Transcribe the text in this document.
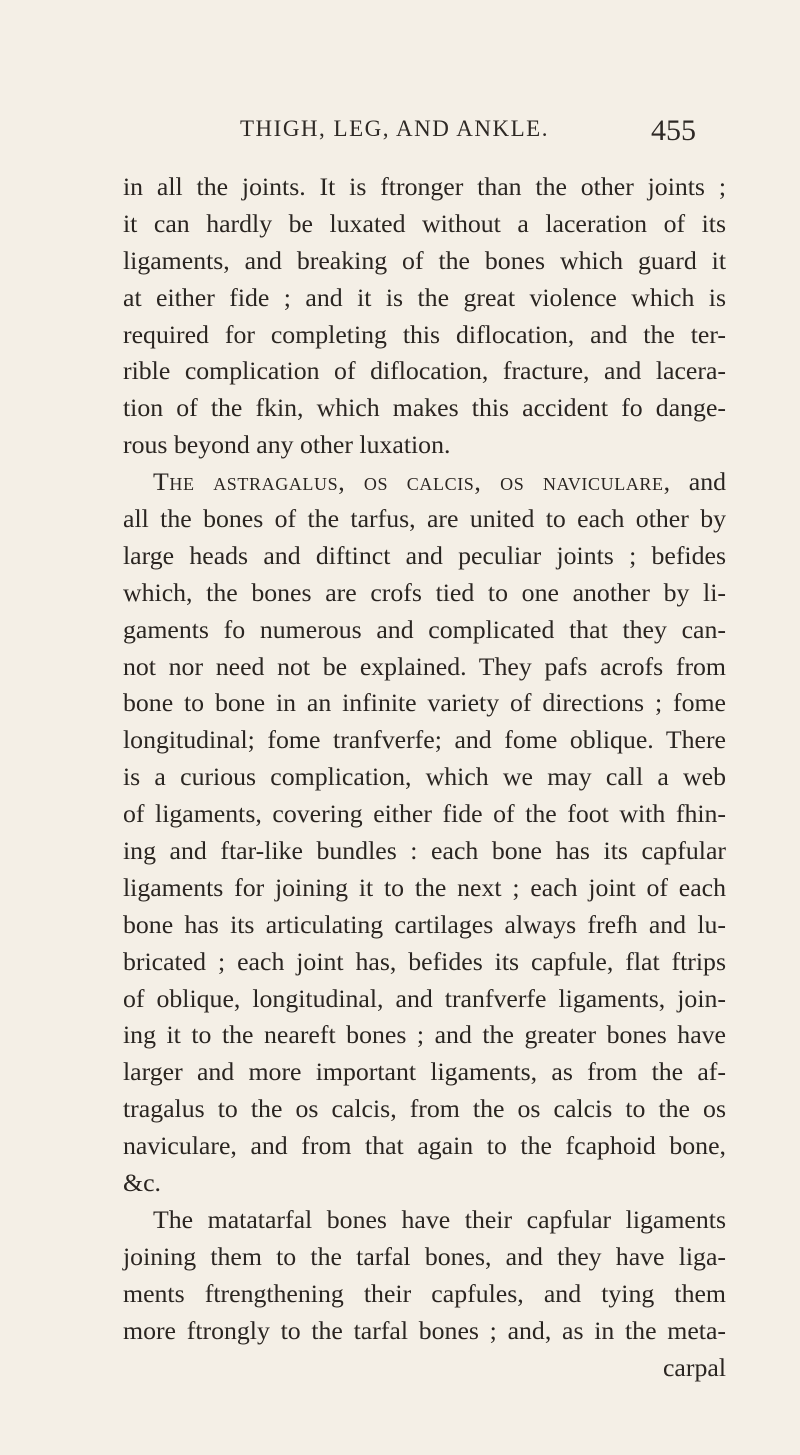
THIGH, LEG, AND ANKLE.	455
in all the joints. It is ftronger than the other joints ;
it can hardly be luxated without a laceration of its
ligaments, and breaking of the bones which guard it
at either fide ; and it is the great violence which is
required for completing this diflocation, and the ter-
rible complication of diflocation, fracture, and lacera-
tion of the fkin, which makes this accident fo dange-
rous beyond any other luxation.
The astragalus, os calcis, os naviculare, and
all the bones of the tarfus, are united to each other by
large heads and diftinct and peculiar joints ; befides
which, the bones are crofs tied to one another by li-
gaments fo numerous and complicated that they can-
not nor need not be explained. They pafs acrofs from
bone to bone in an infinite variety of directions ; fome
longitudinal; fome tranfverfe; and fome oblique. There
is a curious complication, which we may call a web
of ligaments, covering either fide of the foot with fhin-
ing and ftar-like bundles : each bone has its capfular
ligaments for joining it to the next ; each joint of each
bone has its articulating cartilages always frefh and lu-
bricated ; each joint has, befides its capfule, flat ftrips
of oblique, longitudinal, and tranfverfe ligaments, join-
ing it to the neareft bones ; and the greater bones have
larger and more important ligaments, as from the af-
tragalus to the os calcis, from the os calcis to the os
naviculare, and from that again to the fcaphoid bone,
&c.
The matatarfal bones have their capfular ligaments
joining them to the tarfal bones, and they have liga-
ments ftrengthening their capfules, and tying them
more ftrongly to the tarfal bones ; and, as in the meta-
carpal
